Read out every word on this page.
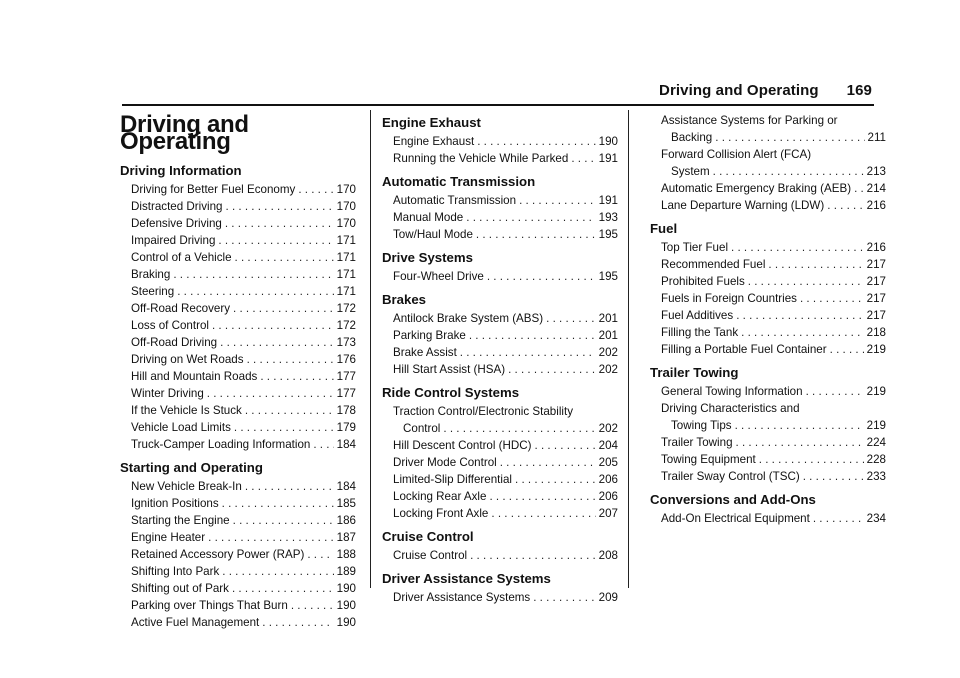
Driving and Operating 169
Driving and Operating
Driving Information
Driving for Better Fuel Economy . . .	170
Distracted Driving . . .	170
Defensive Driving . . .	170
Impaired Driving . . .	171
Control of a Vehicle . . .	171
Braking . . .	171
Steering . . .	171
Off-Road Recovery . . .	172
Loss of Control . . .	172
Off-Road Driving . . .	173
Driving on Wet Roads . . .	176
Hill and Mountain Roads . . .	177
Winter Driving . . .	177
If the Vehicle Is Stuck . . .	178
Vehicle Load Limits . . .	179
Truck-Camper Loading Information . . . 184
Starting and Operating
New Vehicle Break-In . . .	184
Ignition Positions . . .	185
Starting the Engine . . .	186
Engine Heater . . .	187
Retained Accessory Power (RAP) . . .	188
Shifting Into Park . . .	189
Shifting out of Park . . .	190
Parking over Things That Burn . . .	190
Active Fuel Management . . .	190
Engine Exhaust
Engine Exhaust . . .	190
Running the Vehicle While Parked . . .	191
Automatic Transmission
Automatic Transmission . . .	191
Manual Mode . . .	193
Tow/Haul Mode . . .	195
Drive Systems
Four-Wheel Drive . . .	195
Brakes
Antilock Brake System (ABS) . . .	201
Parking Brake . . .	201
Brake Assist . . .	202
Hill Start Assist (HSA) . . .	202
Ride Control Systems
Traction Control/Electronic Stability
Control . . .	202
Hill Descent Control (HDC) . . .	204
Driver Mode Control . . .	205
Limited-Slip Differential . . .	206
Locking Rear Axle . . .	206
Locking Front Axle . . .	207
Cruise Control
Cruise Control . . .	208
Driver Assistance Systems
Driver Assistance Systems . . .	209
Assistance Systems for Parking or
Backing . . .	211
Forward Collision Alert (FCA)
System . . .	213
Automatic Emergency Braking (AEB) . . . 214
Lane Departure Warning (LDW) . . .	216
Fuel
Top Tier Fuel . . .	216
Recommended Fuel . . .	217
Prohibited Fuels . . .	217
Fuels in Foreign Countries . . .	217
Fuel Additives . . .	217
Filling the Tank . . .	218
Filling a Portable Fuel Container . . .	219
Trailer Towing
General Towing Information . . .	219
Driving Characteristics and
Towing Tips . . .	219
Trailer Towing . . .	224
Towing Equipment . . .	228
Trailer Sway Control (TSC) . . .	233
Conversions and Add-Ons
Add-On Electrical Equipment . . .	234
